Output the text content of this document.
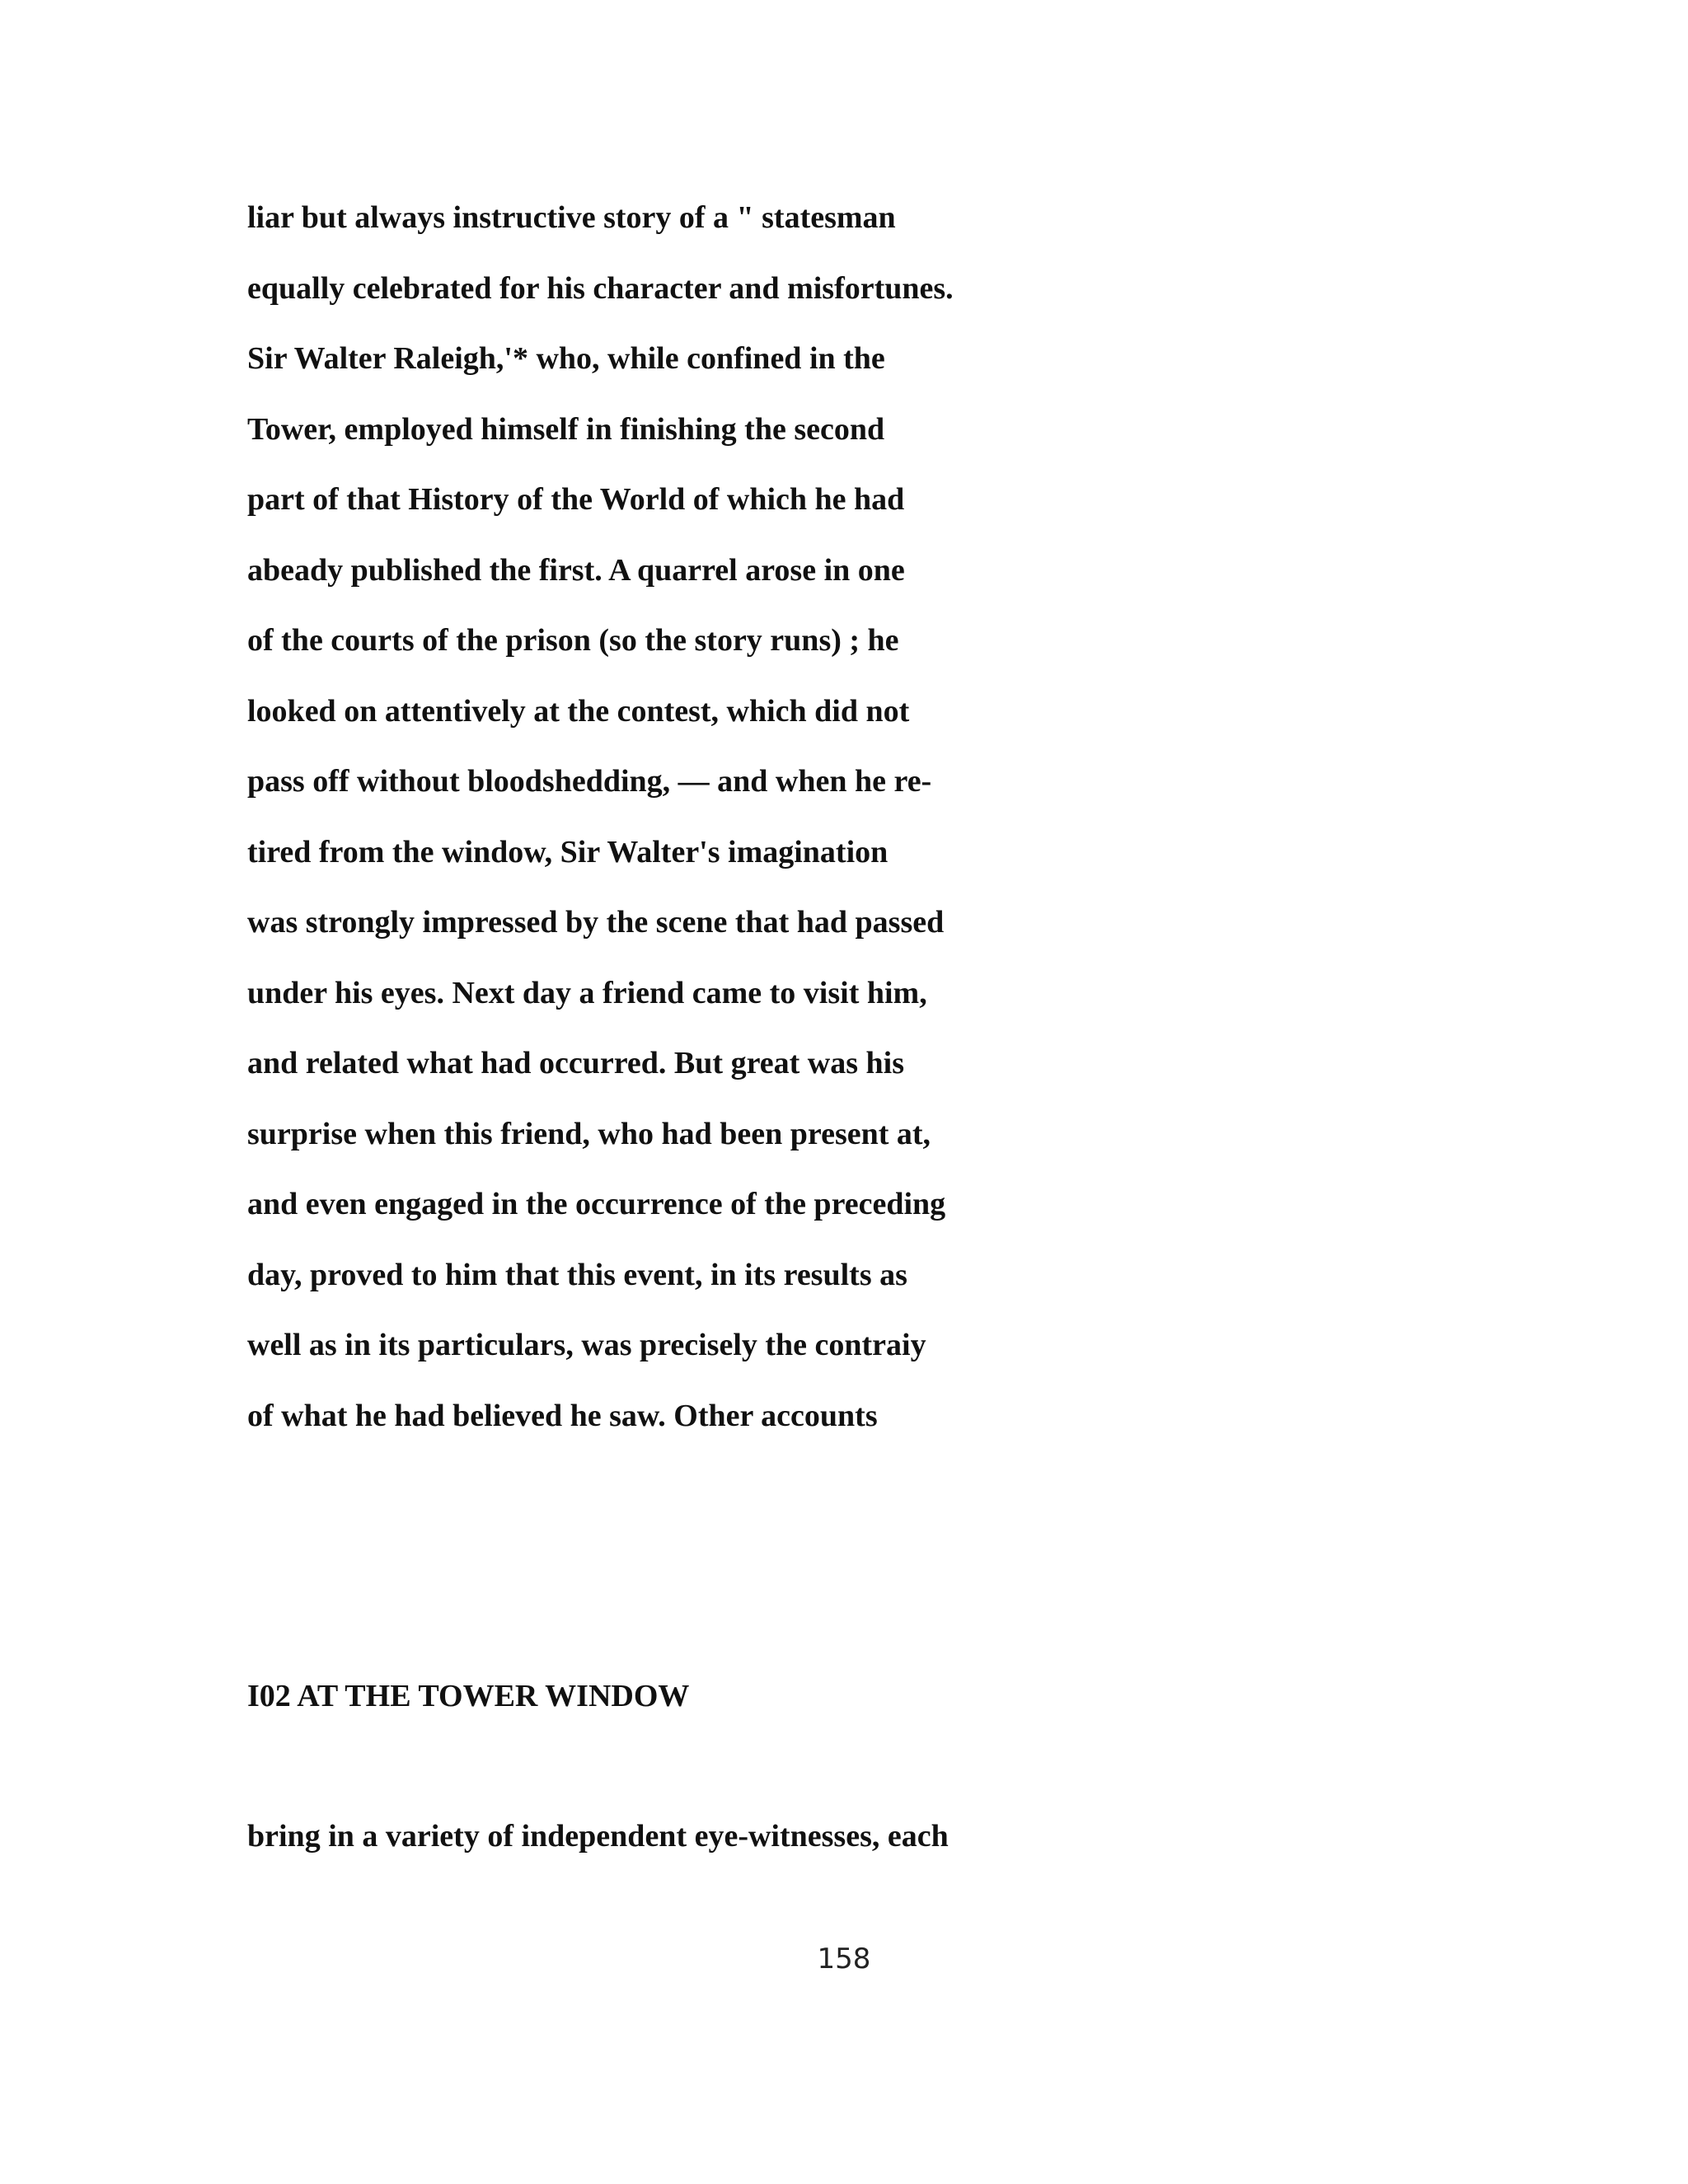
liar but always instructive story of a " statesman
equally celebrated for his character and misfortunes.
Sir Walter Raleigh,'* who, while confined in the
Tower, employed himself in finishing the second
part of that History of the World of which he had
abeady published the first. A quarrel arose in one
of the courts of the prison (so the story runs) ; he
looked on attentively at the contest, which did not
pass off without bloodshedding, — and when he re-
tired from the window, Sir Walter's imagination
was strongly impressed by the scene that had passed
under his eyes. Next day a friend came to visit him,
and related what had occurred. But great was his
surprise when this friend, who had been present at,
and even engaged in the occurrence of the preceding
day, proved to him that this event, in its results as
well as in its particulars, was precisely the contraiy
of what he had believed he saw. Other accounts
I02 AT THE TOWER WINDOW
bring in a variety of independent eye-witnesses, each
158
